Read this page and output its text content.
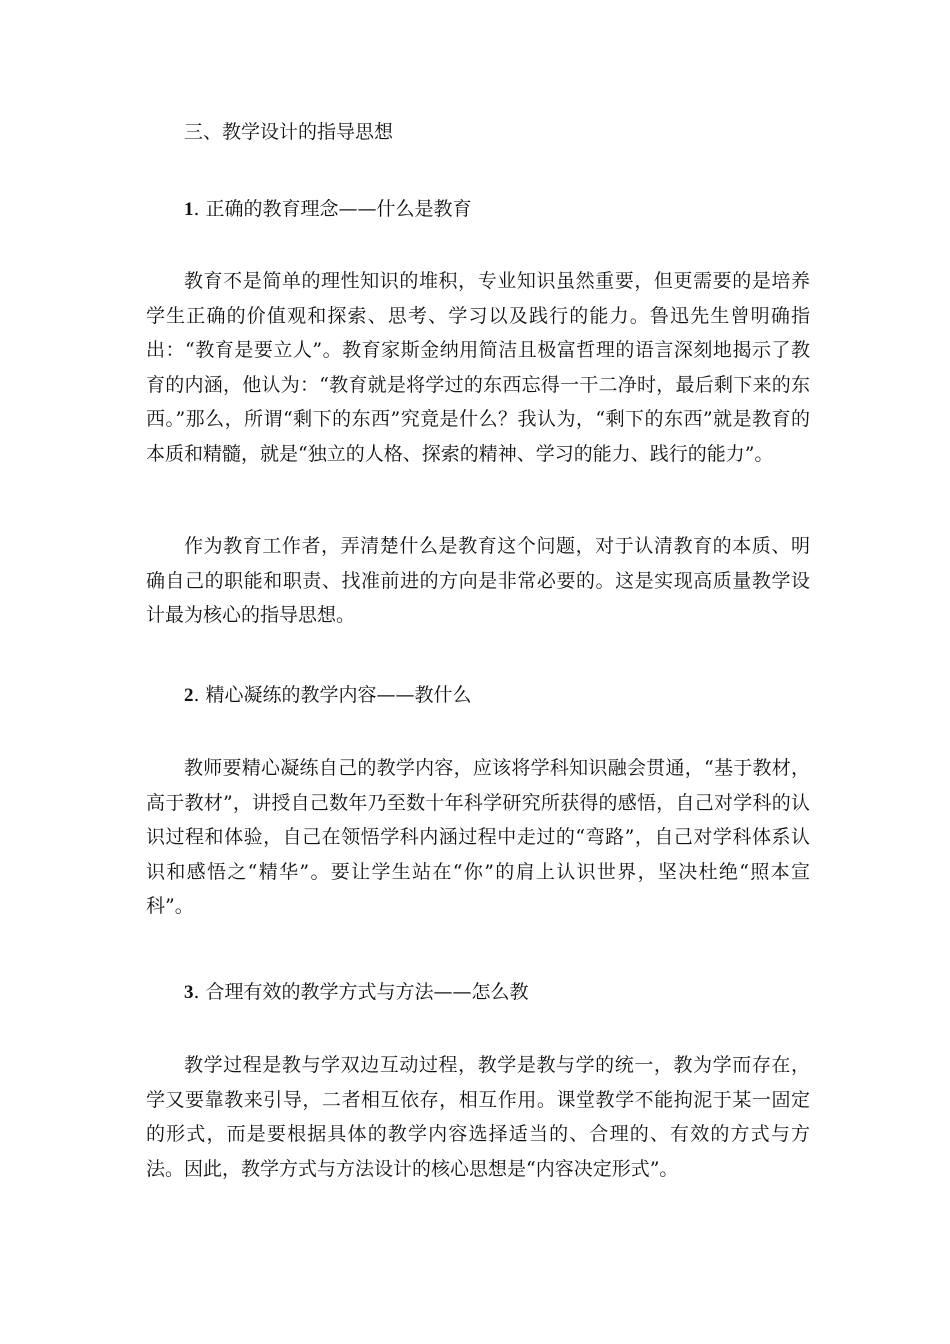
三、教学设计的指导思想
1. 正确的教育理念——什么是教育

教育不是简单的理性知识的堆积，专业知识虽然重要，但更需要的是培养学生正确的价值观和探索、思考、学习以及践行的能力。鲁迅先生曾明确指出：“教育是要立人”。教育家斯金纳用简洁且极富哲理的语言深刻地揭示了教育的内涵，他认为：“教育就是将学过的东西忘得一干二净时，最后剩下来的东西。”那么，所谓“剩下的东西”究竟是什么？我认为，“剩下的东西”就是教育的本质和精髓，就是“独立的人格、探索的精神、学习的能力、践行的能力”。

作为教育工作者，弄清楚什么是教育这个问题，对于认清教育的本质、明确自己的职能和职责、找准前进的方向是非常必要的。这是实现高质量教学设计最为核心的指导思想。

2. 精心凝练的教学内容——教什么

教师要精心凝练自己的教学内容，应该将学科知识融会贯通，“基于教材，高于教材”，讲授自己数年乃至数十年科学研究所获得的感悟，自己对学科的认识过程和体验，自己在领悟学科内涵过程中走过的“弯路”，自己对学科体系认识和感悟之“精华”。要让学生站在“你”的肩上认识世界，坚决杜绝“照本宣科”。

3. 合理有效的教学方式与方法——怎么教

教学过程是教与学双边互动过程，教学是教与学的统一，教为学而存在，学又要靠教来引导，二者相互依存，相互作用。课堂教学不能拘泥于某一固定的形式，而是要根据具体的教学内容选择适当的、合理的、有效的方式与方法。因此，教学方式与方法设计的核心思想是“内容决定形式”。
